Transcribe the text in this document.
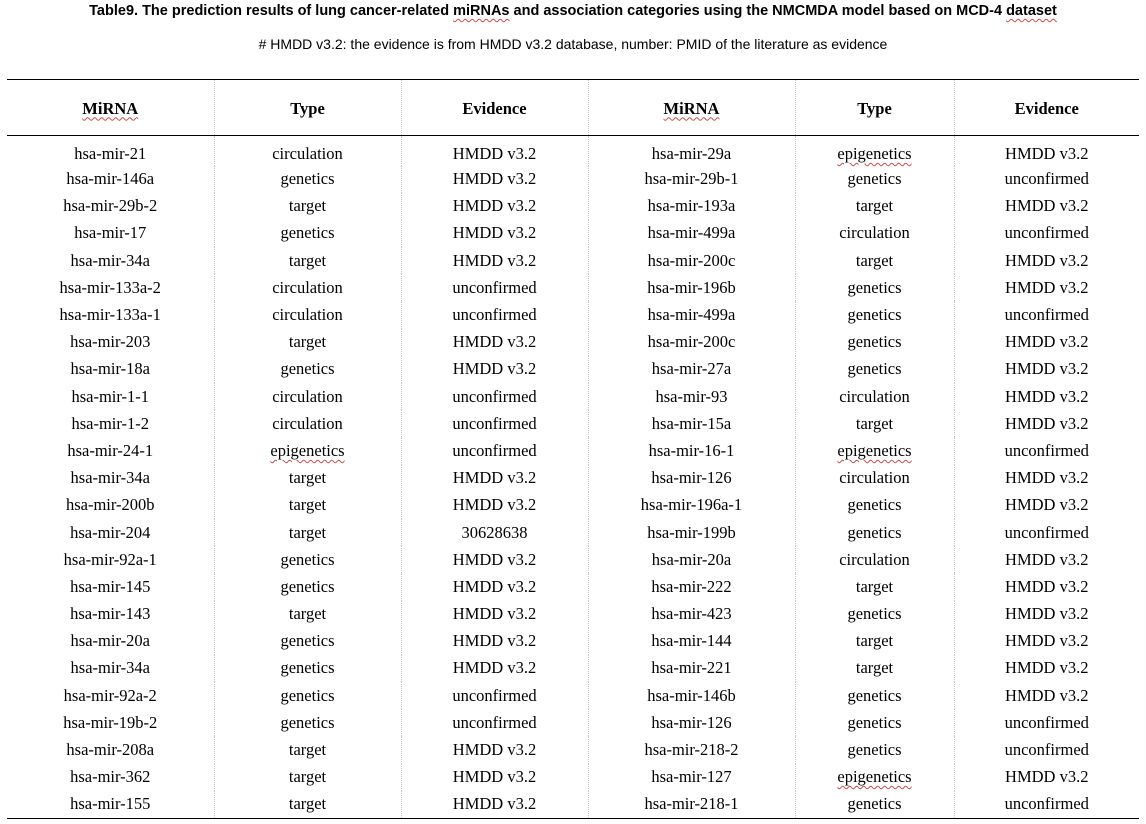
Table9. The prediction results of lung cancer-related miRNAs and association categories using the NMCMDA model based on MCD-4 dataset
# HMDD v3.2: the evidence is from HMDD v3.2 database, number: PMID of the literature as evidence
MiRNA	Type	Evidence	MiRNA	Type	Evidence
hsa-mir-21	circulation	HMDD v3.2	hsa-mir-29a	epigenetics	HMDD v3.2
hsa-mir-146a	genetics	HMDD v3.2	hsa-mir-29b-1	genetics	unconfirmed
hsa-mir-29b-2	target	HMDD v3.2	hsa-mir-193a	target	HMDD v3.2
hsa-mir-17	genetics	HMDD v3.2	hsa-mir-499a	circulation	unconfirmed
hsa-mir-34a	target	HMDD v3.2	hsa-mir-200c	target	HMDD v3.2
hsa-mir-133a-2	circulation	unconfirmed	hsa-mir-196b	genetics	HMDD v3.2
hsa-mir-133a-1	circulation	unconfirmed	hsa-mir-499a	genetics	unconfirmed
hsa-mir-203	target	HMDD v3.2	hsa-mir-200c	genetics	HMDD v3.2
hsa-mir-18a	genetics	HMDD v3.2	hsa-mir-27a	genetics	HMDD v3.2
hsa-mir-1-1	circulation	unconfirmed	hsa-mir-93	circulation	HMDD v3.2
hsa-mir-1-2	circulation	unconfirmed	hsa-mir-15a	target	HMDD v3.2
hsa-mir-24-1	epigenetics	unconfirmed	hsa-mir-16-1	epigenetics	unconfirmed
hsa-mir-34a	target	HMDD v3.2	hsa-mir-126	circulation	HMDD v3.2
hsa-mir-200b	target	HMDD v3.2	hsa-mir-196a-1	genetics	HMDD v3.2
hsa-mir-204	target	30628638	hsa-mir-199b	genetics	unconfirmed
hsa-mir-92a-1	genetics	HMDD v3.2	hsa-mir-20a	circulation	HMDD v3.2
hsa-mir-145	genetics	HMDD v3.2	hsa-mir-222	target	HMDD v3.2
hsa-mir-143	target	HMDD v3.2	hsa-mir-423	genetics	HMDD v3.2
hsa-mir-20a	genetics	HMDD v3.2	hsa-mir-144	target	HMDD v3.2
hsa-mir-34a	genetics	HMDD v3.2	hsa-mir-221	target	HMDD v3.2
hsa-mir-92a-2	genetics	unconfirmed	hsa-mir-146b	genetics	HMDD v3.2
hsa-mir-19b-2	genetics	unconfirmed	hsa-mir-126	genetics	unconfirmed
hsa-mir-208a	target	HMDD v3.2	hsa-mir-218-2	genetics	unconfirmed
hsa-mir-362	target	HMDD v3.2	hsa-mir-127	epigenetics	HMDD v3.2
hsa-mir-155	target	HMDD v3.2	hsa-mir-218-1	genetics	unconfirmed
